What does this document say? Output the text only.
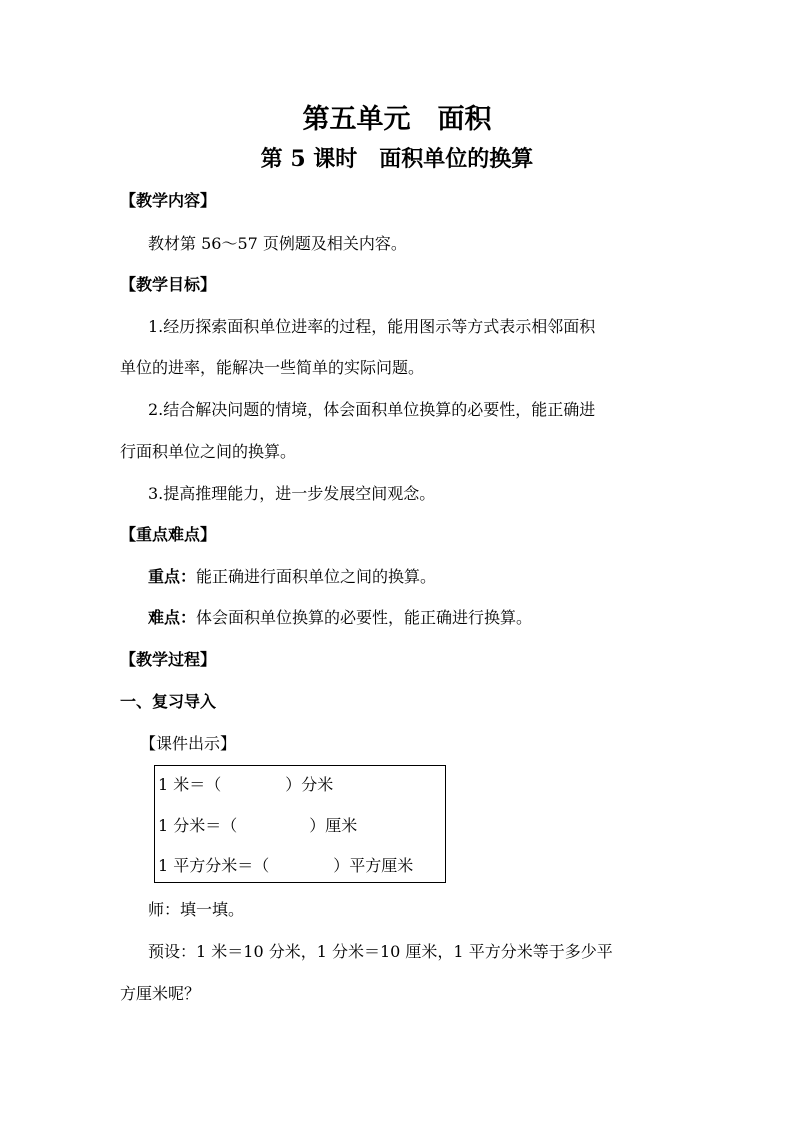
第五单元　面积
第 5 课时　面积单位的换算
【教学内容】
教材第 56～57 页例题及相关内容。
【教学目标】
1.经历探索面积单位进率的过程，能用图示等方式表示相邻面积
单位的进率，能解决一些简单的实际问题。
2.结合解决问题的情境，体会面积单位换算的必要性，能正确进
行面积单位之间的换算。
3.提高推理能力，进一步发展空间观念。
【重点难点】
重点：能正确进行面积单位之间的换算。
难点：体会面积单位换算的必要性，能正确进行换算。
【教学过程】
一、复习导入
【课件出示】
1 米＝（	）分米
1 分米＝（	）厘米
1 平方分米＝（	）平方厘米
师：填一填。
预设：1 米＝10 分米，1 分米＝10 厘米，1 平方分米等于多少平
方厘米呢？
